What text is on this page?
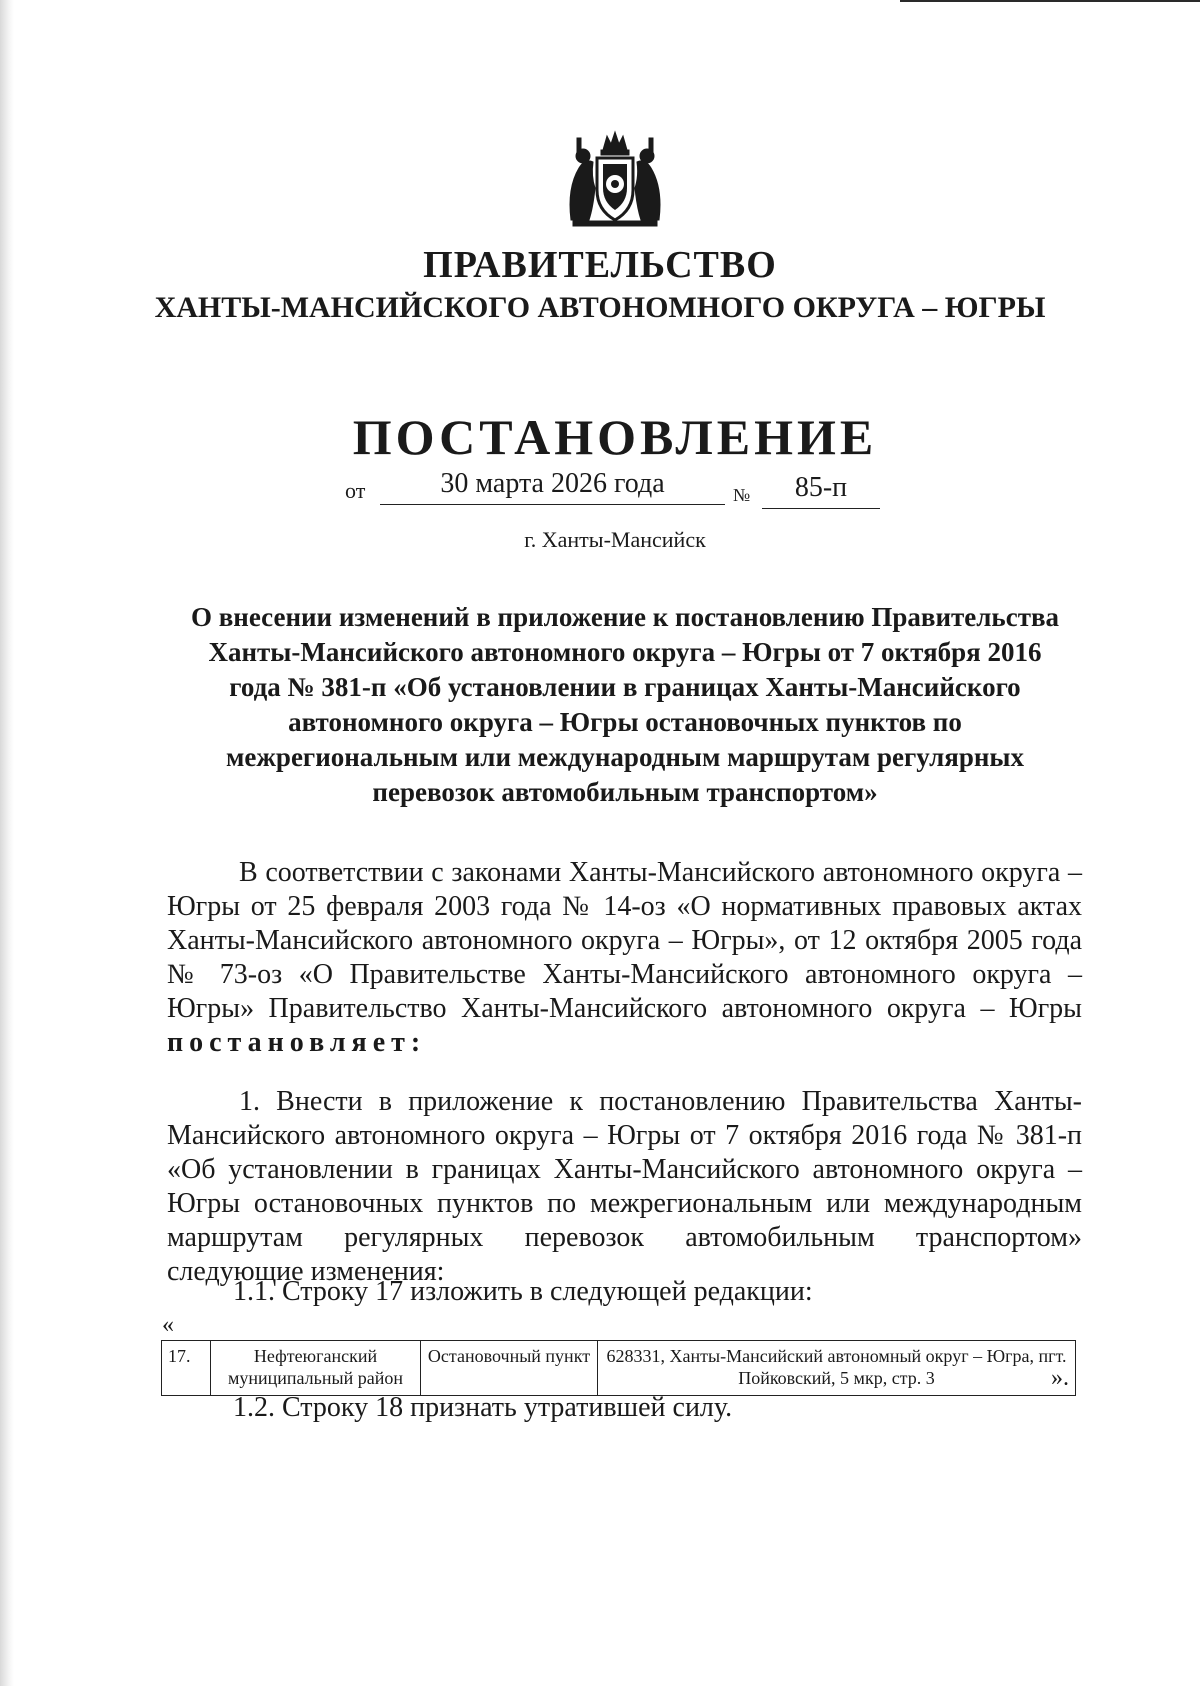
ПРАВИТЕЛЬСТВО
ХАНТЫ-МАНСИЙСКОГО АВТОНОМНОГО ОКРУГА – ЮГРЫ
ПОСТАНОВЛЕНИЕ
от	30 марта 2026 года	№	85-п
г. Ханты-Мансийск
О внесении изменений в приложение к постановлению Правительства Ханты-Мансийского автономного округа – Югры от 7 октября 2016 года № 381-п «Об установлении в границах Ханты-Мансийского автономного округа – Югры остановочных пунктов по межрегиональным или международным маршрутам регулярных перевозок автомобильным транспортом»
В соответствии с законами Ханты-Мансийского автономного округа – Югры от 25 февраля 2003 года № 14-оз «О нормативных правовых актах Ханты-Мансийского автономного округа – Югры», от 12 октября 2005 года № 73-оз «О Правительстве Ханты-Мансийского автономного округа – Югры» Правительство Ханты-Мансийского автономного округа – Югры постановляет:
1. Внести в приложение к постановлению Правительства Ханты-Мансийского автономного округа – Югры от 7 октября 2016 года № 381-п «Об установлении в границах Ханты-Мансийского автономного округа – Югры остановочных пунктов по межрегиональным или международным маршрутам регулярных перевозок автомобильным транспортом» следующие изменения:
1.1. Строку 17 изложить в следующей редакции:
«
17.	Нефтеюганский муниципальный район	Остановочный пункт	628331, Ханты-Мансийский автономный округ – Югра, пгт. Пойковский, 5 мкр, стр. 3	».
1.2. Строку 18 признать утратившей силу.
